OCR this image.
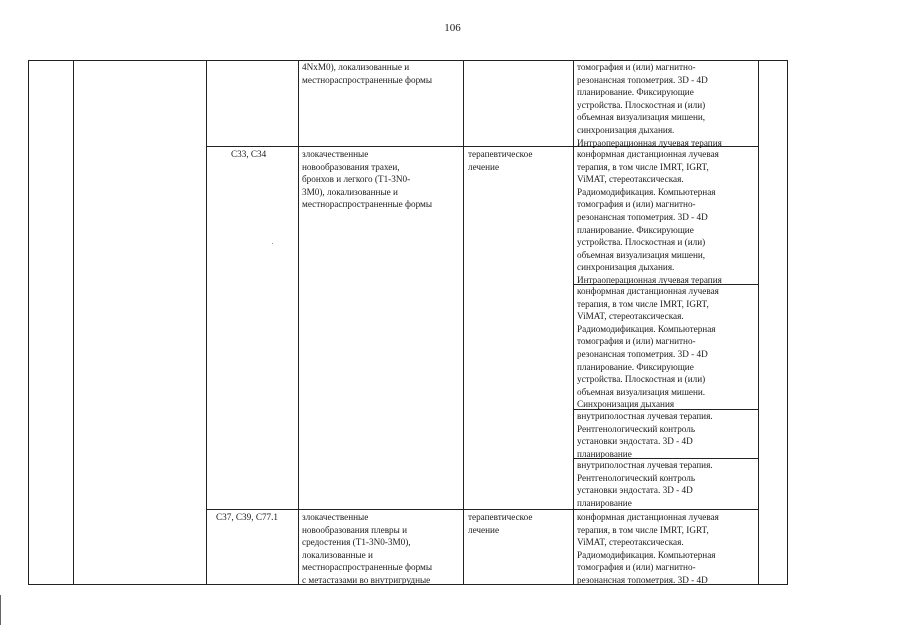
106
4NxM0), локализованные и
местнораспространенные формы
томография и (или) магнитно-
резонансная топометрия. 3D - 4D
планирование. Фиксирующие
устройства. Плоскостная и (или)
объемная визуализация мишени,
синхронизация дыхания.
Интраоперационная лучевая терапия
C33, C34	злокачественные
новообразования трахеи,
бронхов и легкого (T1-3N0-
3M0), локализованные и
местнораспространенные формы
терапевтическое
лечение
конформная дистанционная лучевая
терапия, в том числе IMRT, IGRT,
ViMAT, стереотаксическая.
Радиомодификация. Компьютерная
томография и (или) магнитно-
резонансная топометрия. 3D - 4D
планирование. Фиксирующие
устройства. Плоскостная и (или)
объемная визуализация мишени,
синхронизация дыхания.
Интраоперационная лучевая терапия
конформная дистанционная лучевая
терапия, в том числе IMRT, IGRT,
ViMAT, стереотаксическая.
Радиомодификация. Компьютерная
томография и (или) магнитно-
резонансная топометрия. 3D - 4D
планирование. Фиксирующие
устройства. Плоскостная и (или)
объемная визуализация мишени.
Синхронизация дыхания
внутриполостная лучевая терапия.
Рентгенологический контроль
установки эндостата. 3D - 4D
планирование
внутриполостная лучевая терапия.
Рентгенологический контроль
установки эндостата. 3D - 4D
планирование
C37, C39, C77.1	злокачественные
новообразования плевры и
средостения (T1-3N0-3M0),
локализованные и
местнораспространенные формы
с метастазами во внутригрудные
терапевтическое
лечение
конформная дистанционная лучевая
терапия, в том числе IMRT, IGRT,
ViMAT, стереотаксическая.
Радиомодификация. Компьютерная
томография и (или) магнитно-
резонансная топометрия. 3D - 4D
